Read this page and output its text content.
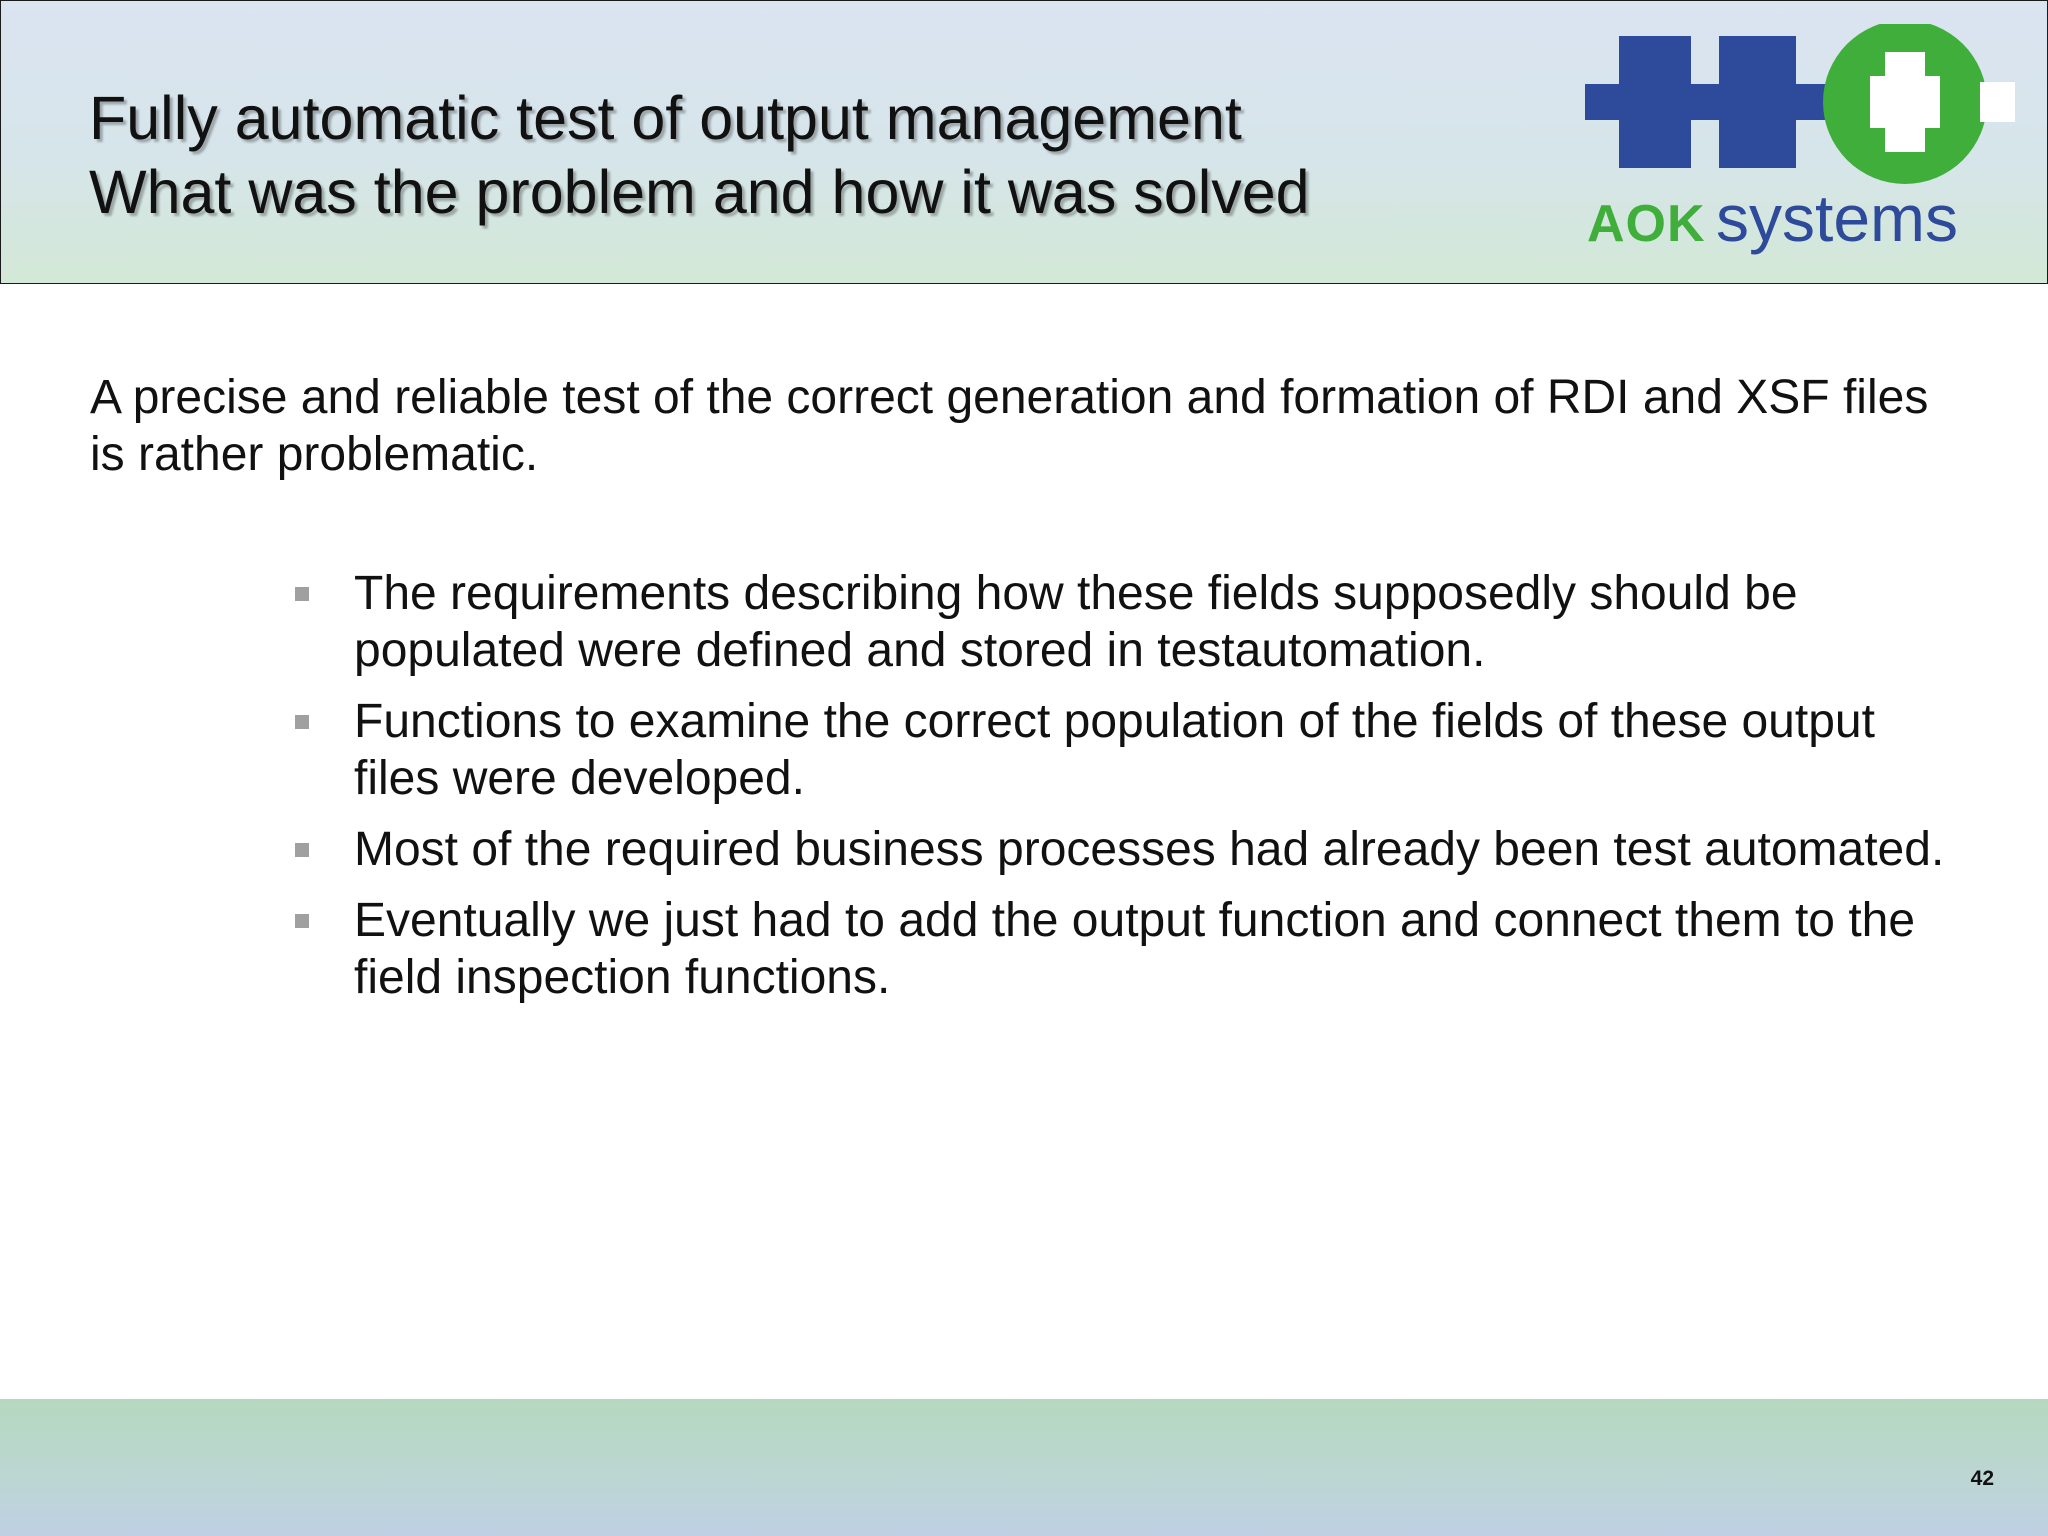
Fully automatic test of output management
What was the problem and how it was solved	AOK systems

A precise and reliable test of the correct generation and formation of RDI and XSF files is rather problematic.

The requirements describing how these fields supposedly should be populated were defined and stored in testautomation.
Functions to examine the correct population of the fields of these output files were developed.
Most of the required business processes had already been test automated.
Eventually we just had to add the output function and connect them to the field inspection functions.
42
